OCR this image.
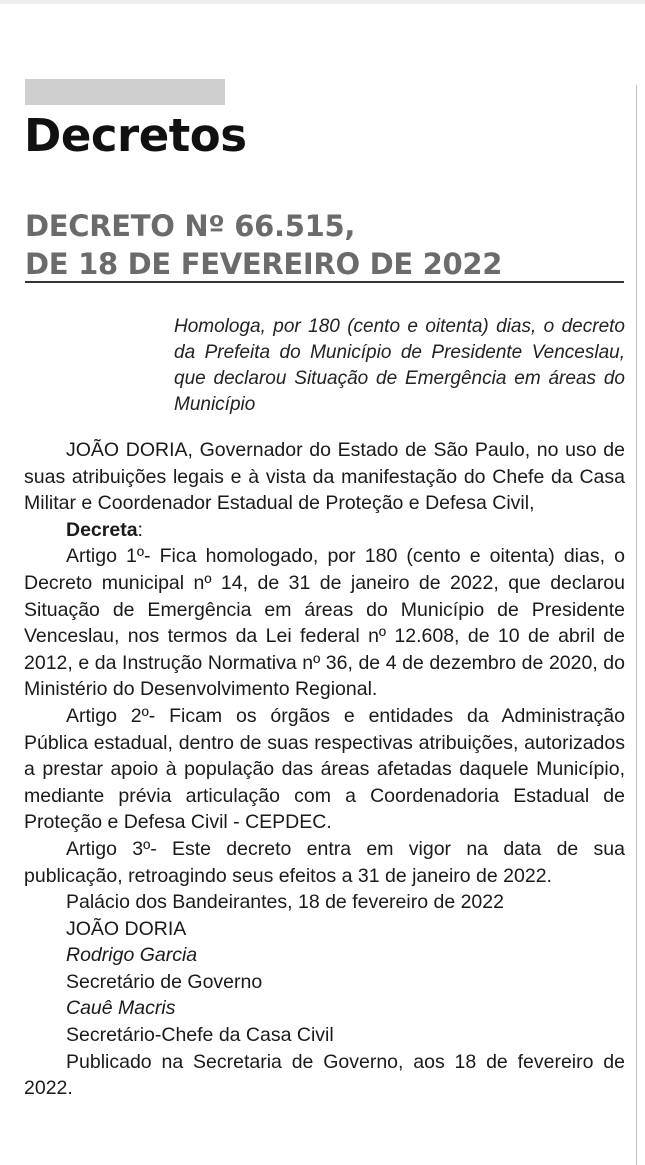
Decretos
DECRETO Nº 66.515,
DE 18 DE FEVEREIRO DE 2022
Homologa, por 180 (cento e oitenta) dias, o decreto da Prefeita do Município de Presidente Venceslau, que declarou Situação de Emergência em áreas do Município

JOÃO DORIA, Governador do Estado de São Paulo, no uso de suas atribuições legais e à vista da manifestação do Chefe da Casa Militar e Coordenador Estadual de Proteção e Defesa Civil,

Decreta:

Artigo 1º- Fica homologado, por 180 (cento e oitenta) dias, o Decreto municipal nº 14, de 31 de janeiro de 2022, que declarou Situação de Emergência em áreas do Município de Presidente Venceslau, nos termos da Lei federal nº 12.608, de 10 de abril de 2012, e da Instrução Normativa nº 36, de 4 de dezembro de 2020, do Ministério do Desenvolvimento Regional.

Artigo 2º- Ficam os órgãos e entidades da Administração Pública estadual, dentro de suas respectivas atribuições, autorizados a prestar apoio à população das áreas afetadas daquele Município, mediante prévia articulação com a Coordenadoria Estadual de Proteção e Defesa Civil - CEPDEC.

Artigo 3º- Este decreto entra em vigor na data de sua publicação, retroagindo seus efeitos a 31 de janeiro de 2022.

Palácio dos Bandeirantes, 18 de fevereiro de 2022

JOÃO DORIA

Rodrigo Garcia

Secretário de Governo

Cauê Macris

Secretário-Chefe da Casa Civil

Publicado na Secretaria de Governo, aos 18 de fevereiro de 2022.
